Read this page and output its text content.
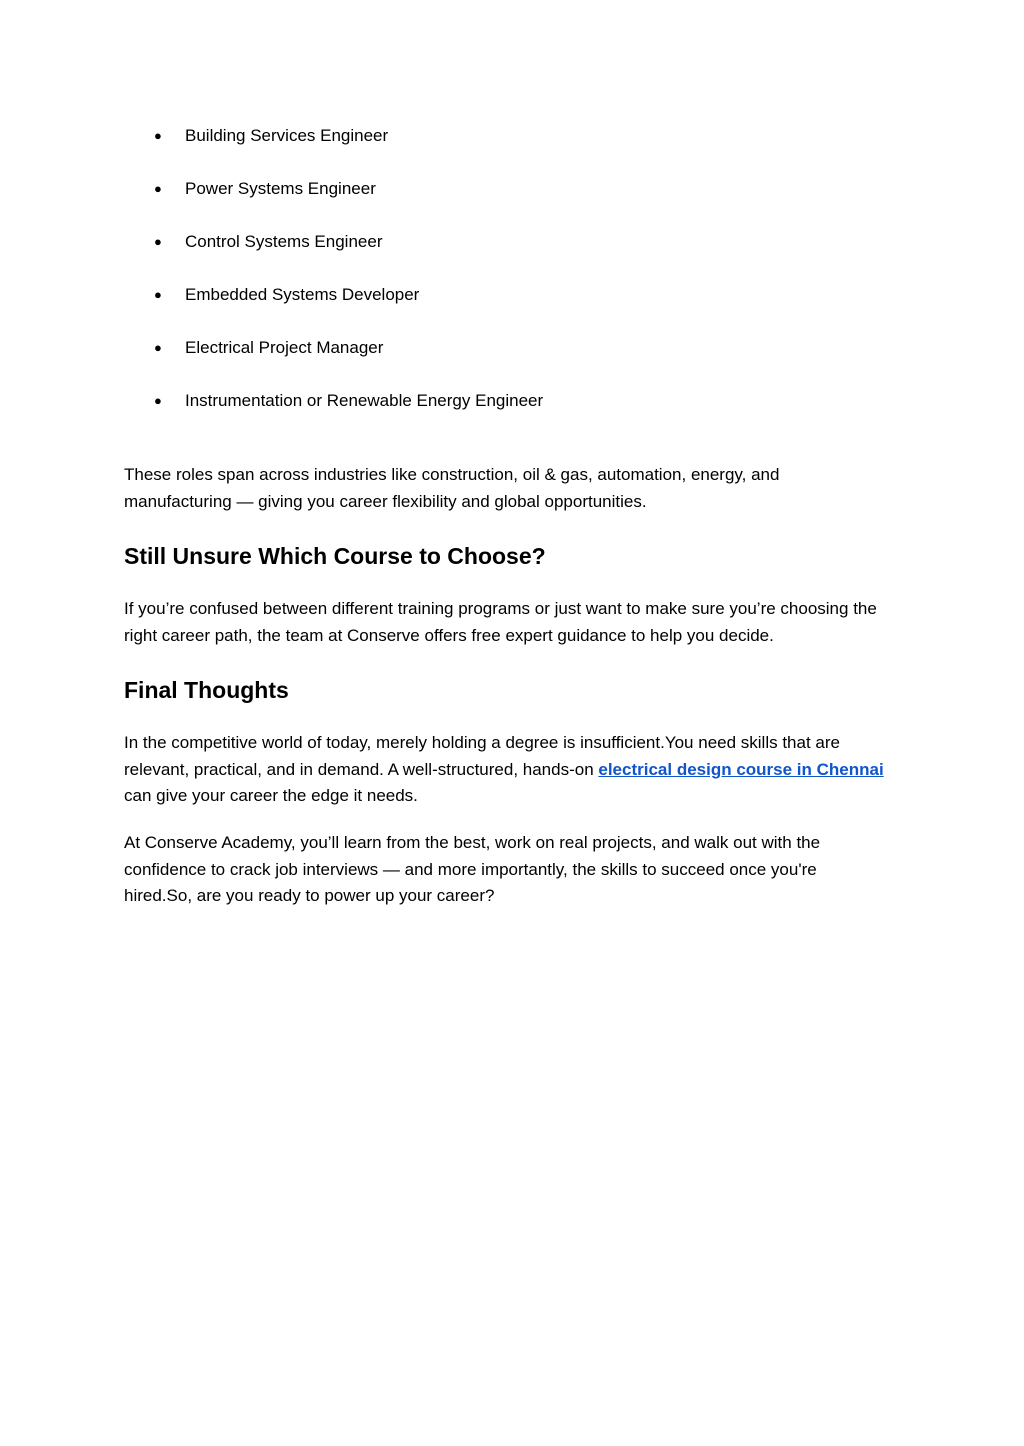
● Building Services Engineer
● Power Systems Engineer
● Control Systems Engineer
● Embedded Systems Developer
● Electrical Project Manager
● Instrumentation or Renewable Energy Engineer

These roles span across industries like construction, oil & gas, automation, energy, and manufacturing — giving you career flexibility and global opportunities.

Still Unsure Which Course to Choose?

If you’re confused between different training programs or just want to make sure you’re choosing the right career path, the team at Conserve offers free expert guidance to help you decide.

Final Thoughts

In the competitive world of today, merely holding a degree is insufficient.You need skills that are relevant, practical, and in demand. A well-structured, hands-on electrical design course in Chennai can give your career the edge it needs.

At Conserve Academy, you’ll learn from the best, work on real projects, and walk out with the confidence to crack job interviews — and more importantly, the skills to succeed once you're hired.So, are you ready to power up your career?
